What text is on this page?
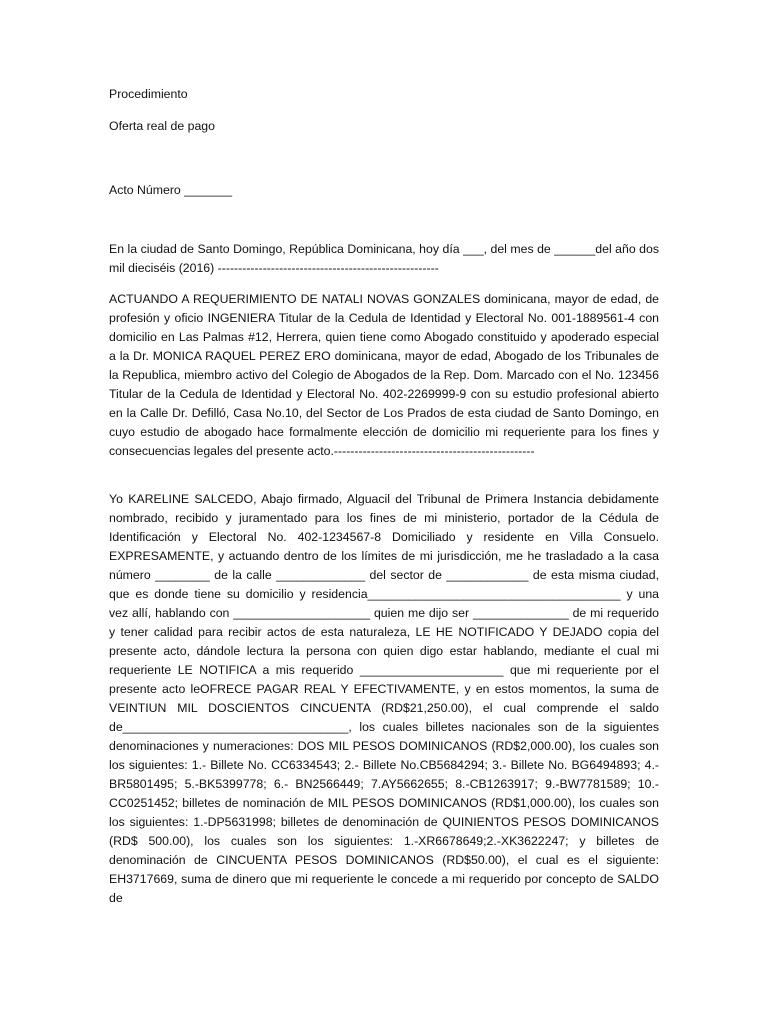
Procedimiento
Oferta real de pago
Acto Número _______

En la ciudad de Santo Domingo, República Dominicana, hoy día ___, del mes de ______del año dos mil dieciséis (2016) ------------------------------------------------------

ACTUANDO A REQUERIMIENTO DE NATALI NOVAS GONZALES dominicana, mayor de edad, de profesión y oficio INGENIERA Titular de la Cedula de Identidad y Electoral No. 001-1889561-4 con domicilio en Las Palmas #12, Herrera, quien tiene como Abogado constituido y apoderado especial a la Dr. MONICA RAQUEL PEREZ ERO dominicana, mayor de edad, Abogado de los Tribunales de la Republica, miembro activo del Colegio de Abogados de la Rep. Dom. Marcado con el No. 123456 Titular de la Cedula de Identidad y Electoral No. 402-2269999-9 con su estudio profesional abierto en la Calle Dr. Defilló, Casa No.10, del Sector de Los Prados de esta ciudad de Santo Domingo, en cuyo estudio de abogado hace formalmente elección de domicilio mi requeriente para los fines y consecuencias legales del presente acto.-------------------------------------------------

Yo KARELINE SALCEDO, Abajo firmado, Alguacil del Tribunal de Primera Instancia debidamente nombrado, recibido y juramentado para los fines de mi ministerio, portador de la Cédula de Identificación y Electoral No. 402-1234567-8 Domiciliado y residente en Villa Consuelo. EXPRESAMENTE, y actuando dentro de los límites de mi jurisdicción, me he trasladado a la casa número ________ de la calle _____________ del sector de ____________ de esta misma ciudad, que es donde tiene su domicilio y residencia_____________________________________ y una vez allí, hablando con ____________________ quien me dijo ser ______________ de mi requerido y tener calidad para recibir actos de esta naturaleza, LE HE NOTIFICADO Y DEJADO copia del presente acto, dándole lectura la persona con quien digo estar hablando, mediante el cual mi requeriente LE NOTIFICA a mis requerido _____________________ que mi requeriente por el presente acto leOFRECE PAGAR REAL Y EFECTIVAMENTE, y en estos momentos, la suma de VEINTIUN MIL DOSCIENTOS CINCUENTA (RD$21,250.00), el cual comprende el saldo de_________________________________, los cuales billetes nacionales son de la siguientes denominaciones y numeraciones: DOS MIL PESOS DOMINICANOS (RD$2,000.00), los cuales son los siguientes: 1.- Billete No. CC6334543; 2.- Billete No.CB5684294; 3.- Billete No. BG6494893; 4.-BR5801495; 5.-BK5399778; 6.- BN2566449; 7.AY5662655; 8.-CB1263917; 9.-BW7781589; 10.-CC0251452; billetes de nominación de MIL PESOS DOMINICANOS (RD$1,000.00), los cuales son los siguientes: 1.-DP5631998; billetes de denominación de QUINIENTOS PESOS DOMINICANOS (RD$ 500.00), los cuales son los siguientes: 1.-XR6678649;2.-XK3622247; y billetes de denominación de CINCUENTA PESOS DOMINICANOS (RD$50.00), el cual es el siguiente: EH3717669, suma de dinero que mi requeriente le concede a mi requerido por concepto de SALDO de
